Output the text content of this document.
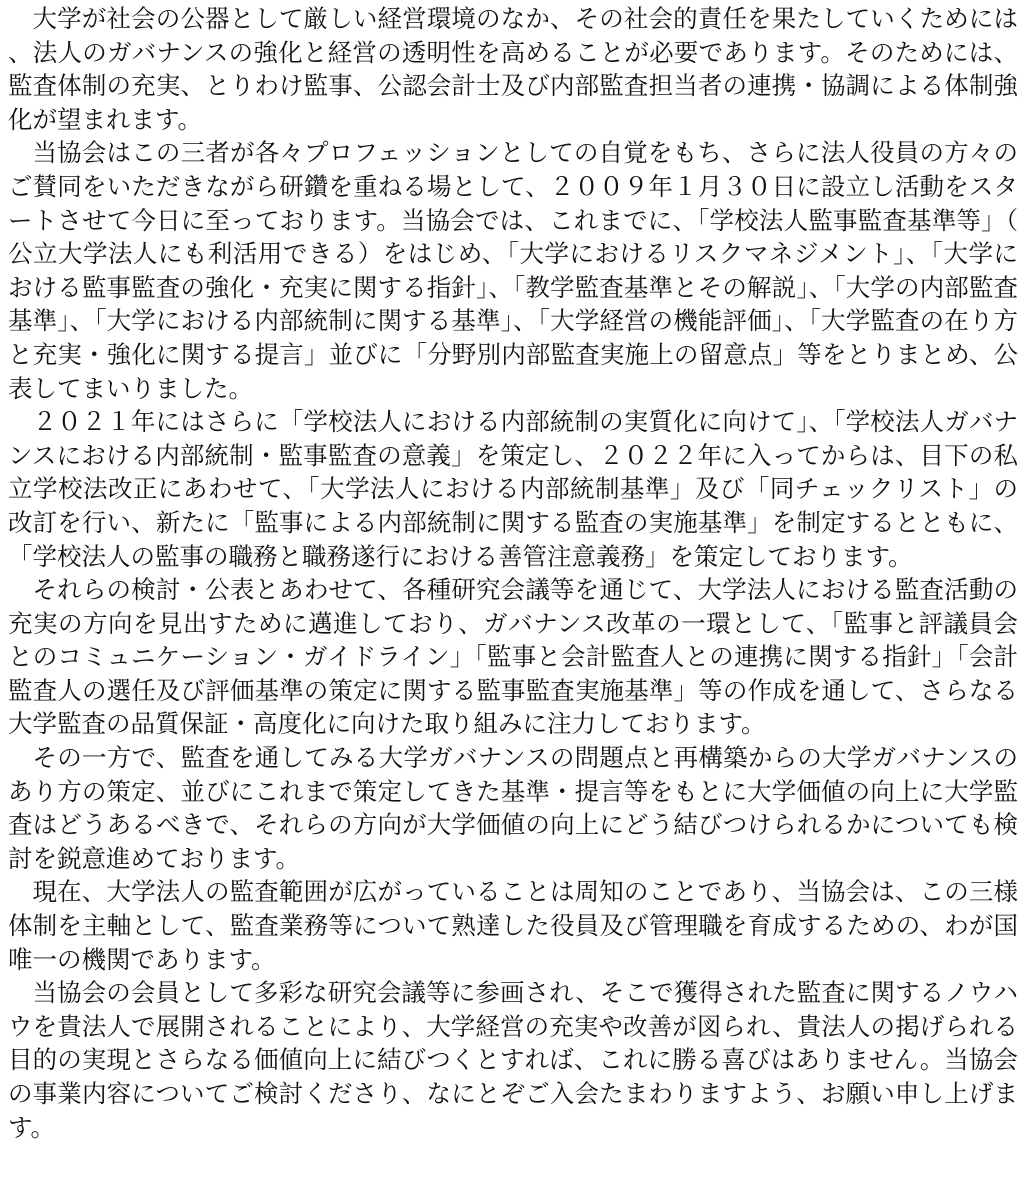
大学が社会の公器として厳しい経営環境のなか、その社会的責任を果たしていくためには、法人のガバナンスの強化と経営の透明性を高めることが必要であります。そのためには、監査体制の充実、とりわけ監事、公認会計士及び内部監査担当者の連携・協調による体制強化が望まれます。

当協会はこの三者が各々プロフェッションとしての自覚をもち、さらに法人役員の方々のご賛同をいただきながら研鑽を重ねる場として、２００９年１月３０日に設立し活動をスタートさせて今日に至っております。当協会では、これまでに、「学校法人監事監査基準等」（公立大学法人にも利活用できる）をはじめ、「大学におけるリスクマネジメント」、「大学における監事監査の強化・充実に関する指針」、「教学監査基準とその解説」、「大学の内部監査基準」、「大学における内部統制に関する基準」、「大学経営の機能評価」、「大学監査の在り方と充実・強化に関する提言」並びに「分野別内部監査実施上の留意点」等をとりまとめ、公表してまいりました。

２０２１年にはさらに「学校法人における内部統制の実質化に向けて」、「学校法人ガバナンスにおける内部統制・監事監査の意義」を策定し、２０２２年に入ってからは、目下の私立学校法改正にあわせて、「大学法人における内部統制基準」及び「同チェックリスト」の改訂を行い、新たに「監事による内部統制に関する監査の実施基準」を制定するとともに、「学校法人の監事の職務と職務遂行における善管注意義務」を策定しております。

それらの検討・公表とあわせて、各種研究会議等を通じて、大学法人における監査活動の充実の方向を見出すために邁進しており、ガバナンス改革の一環として、「監事と評議員会とのコミュニケーション・ガイドライン」「監事と会計監査人との連携に関する指針」「会計監査人の選任及び評価基準の策定に関する監事監査実施基準」等の作成を通して、さらなる大学監査の品質保証・高度化に向けた取り組みに注力しております。

その一方で、監査を通してみる大学ガバナンスの問題点と再構築からの大学ガバナンスのあり方の策定、並びにこれまで策定してきた基準・提言等をもとに大学価値の向上に大学監査はどうあるべきで、それらの方向が大学価値の向上にどう結びつけられるかについても検討を鋭意進めております。

現在、大学法人の監査範囲が広がっていることは周知のことであり、当協会は、この三様体制を主軸として、監査業務等について熟達した役員及び管理職を育成するための、わが国唯一の機関であります。

当協会の会員として多彩な研究会議等に参画され、そこで獲得された監査に関するノウハウを貴法人で展開されることにより、大学経営の充実や改善が図られ、貴法人の掲げられる目的の実現とさらなる価値向上に結びつくとすれば、これに勝る喜びはありません。当協会の事業内容についてご検討くださり、なにとぞご入会たまわりますよう、お願い申し上げます。
